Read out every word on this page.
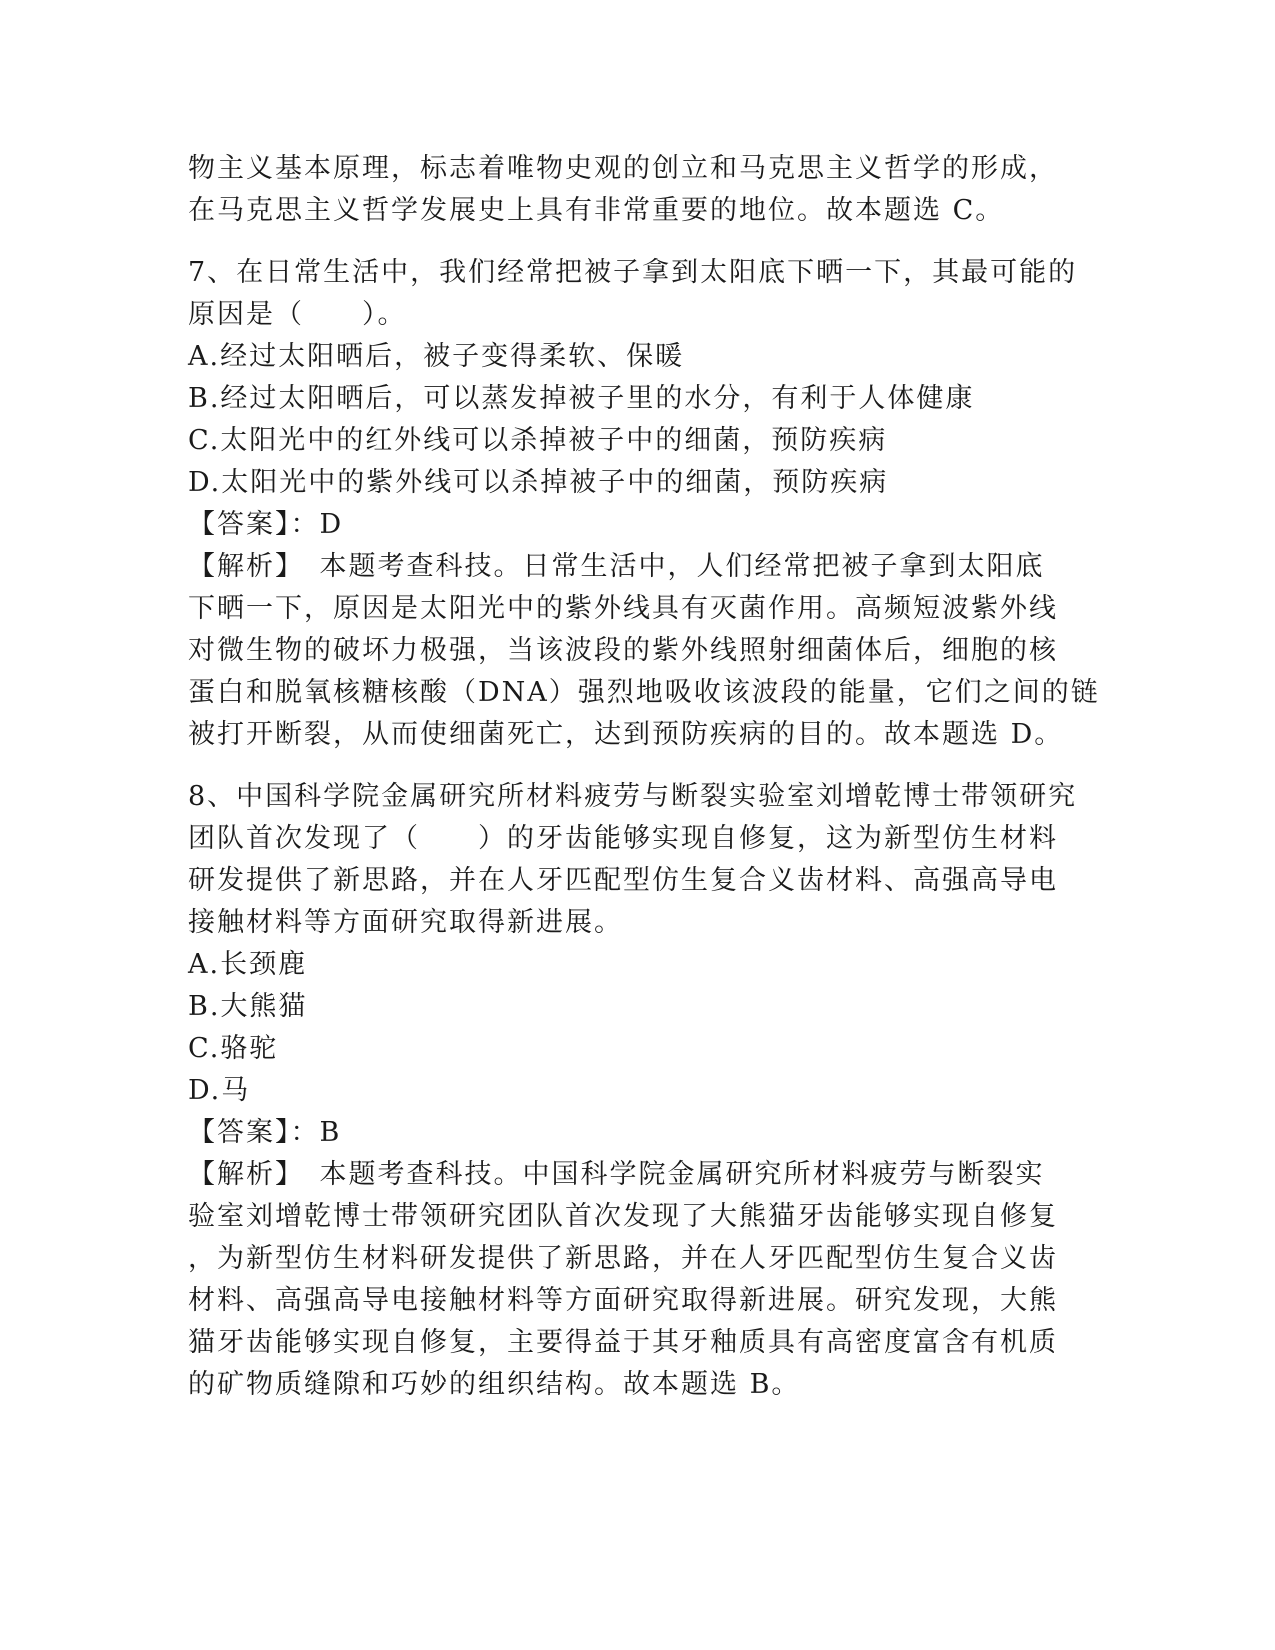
物主义基本原理，标志着唯物史观的创立和马克思主义哲学的形成，
在马克思主义哲学发展史上具有非常重要的地位。故本题选 C。
7、在日常生活中，我们经常把被子拿到太阳底下晒一下，其最可能的
原因是（　　）。
A.经过太阳晒后，被子变得柔软、保暖
B.经过太阳晒后，可以蒸发掉被子里的水分，有利于人体健康
C.太阳光中的红外线可以杀掉被子中的细菌，预防疾病
D.太阳光中的紫外线可以杀掉被子中的细菌，预防疾病
【答案】：D
【解析】　本题考查科技。日常生活中，人们经常把被子拿到太阳底
下晒一下，原因是太阳光中的紫外线具有灭菌作用。高频短波紫外线
对微生物的破坏力极强，当该波段的紫外线照射细菌体后，细胞的核
蛋白和脱氧核糖核酸（DNA）强烈地吸收该波段的能量，它们之间的链
被打开断裂，从而使细菌死亡，达到预防疾病的目的。故本题选 D。
8、中国科学院金属研究所材料疲劳与断裂实验室刘增乾博士带领研究
团队首次发现了（　　）的牙齿能够实现自修复，这为新型仿生材料
研发提供了新思路，并在人牙匹配型仿生复合义齿材料、高强高导电
接触材料等方面研究取得新进展。
A.长颈鹿
B.大熊猫
C.骆驼
D.马
【答案】：B
【解析】　本题考查科技。中国科学院金属研究所材料疲劳与断裂实
验室刘增乾博士带领研究团队首次发现了大熊猫牙齿能够实现自修复
，为新型仿生材料研发提供了新思路，并在人牙匹配型仿生复合义齿
材料、高强高导电接触材料等方面研究取得新进展。研究发现，大熊
猫牙齿能够实现自修复，主要得益于其牙釉质具有高密度富含有机质
的矿物质缝隙和巧妙的组织结构。故本题选 B。
